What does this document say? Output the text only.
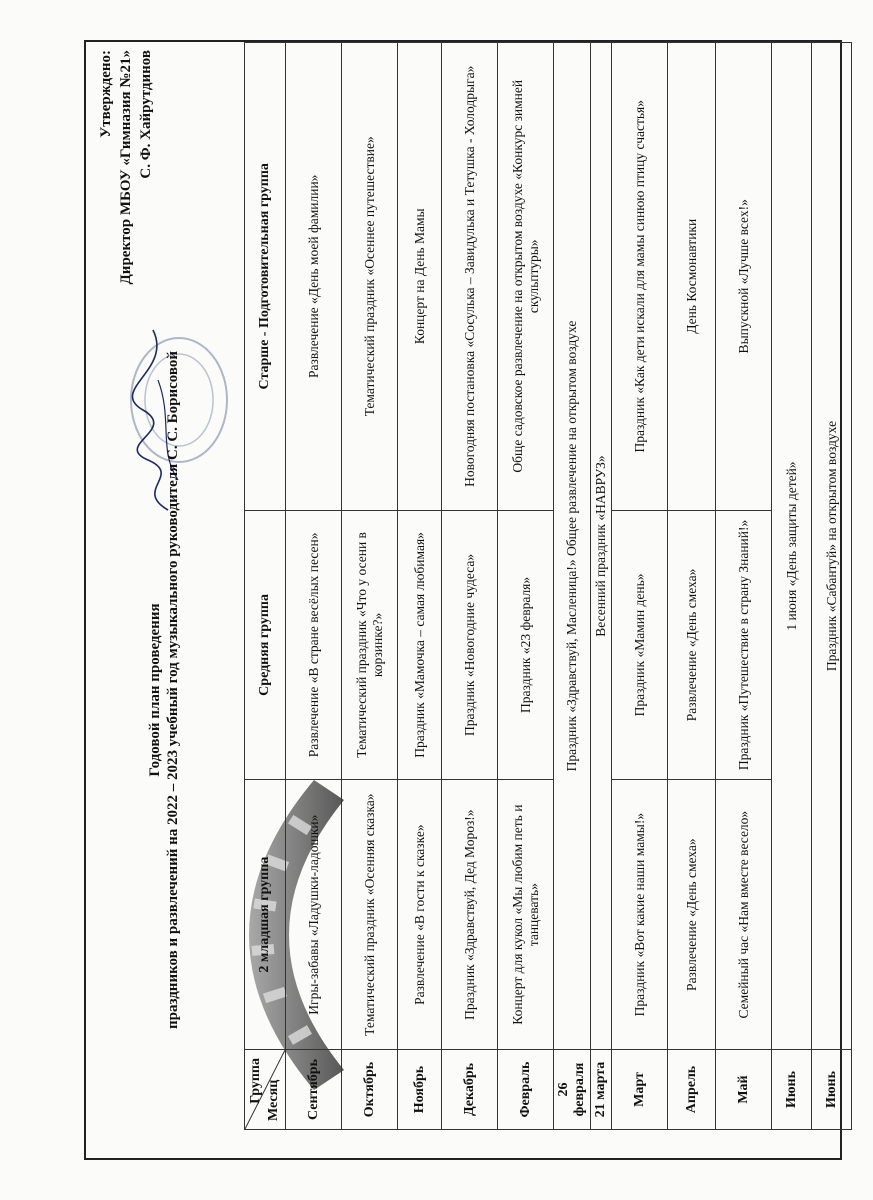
Утверждено: Директор МБОУ «Гимназия №21» С. Ф. Хайрутдинов
Годовой план проведения праздников и развлечений на 2022 – 2023 учебный год музыкального руководителя С. С. Борисовой
Группа Месяц	2 младшая группа	Средняя группа	Старше - Подготовительная группа
Сентябрь	Игры-забавы «Ладушки-ладошки»	Развлечение «В стране весёлых песен»	Развлечение «День моей фамилии»
Октябрь	Тематический праздник «Осенняя сказка»	Тематический праздник «Что у осени в корзинке?»	Тематический праздник «Осеннее путешествие»
Ноябрь	Развлечение «В гости к сказке»	Праздник «Мамочка – самая любимая»	Концерт на День Мамы
Декабрь	Праздник «Здравствуй, Дед Мороз!»	Праздник «Новогодние чудеса»	Новогодняя постановка «Сосулька – Завидулька и Тетушка - Холодрыга»
Февраль	Концерт для кукол «Мы любим петь и танцевать»	Праздник «23 февраля»	Обще садовское развлечение на открытом воздухе «Конкурс зимней скульптуры»
26 февраля	Праздник «Здравствуй, Масленица!» Общее развлечение на открытом воздухе		
21 марта	Весенний праздник «НАВРУЗ»		
Март	Праздник «Вот какие наши мамы!»	Праздник «Мамин день»	Праздник «Как дети искали для мамы синюю птицу счастья»
Апрель	Развлечение «День смеха»	Развлечение «День смеха»	День Космонавтики
Май	Семейный час «Нам вместе весело»	Праздник «Путешествие в страну Знаний!»	Выпускной «Лучше всех!»
Июнь	1 июня «День защиты детей»		
Июнь	Праздник «Сабантуй» на открытом воздухе		
